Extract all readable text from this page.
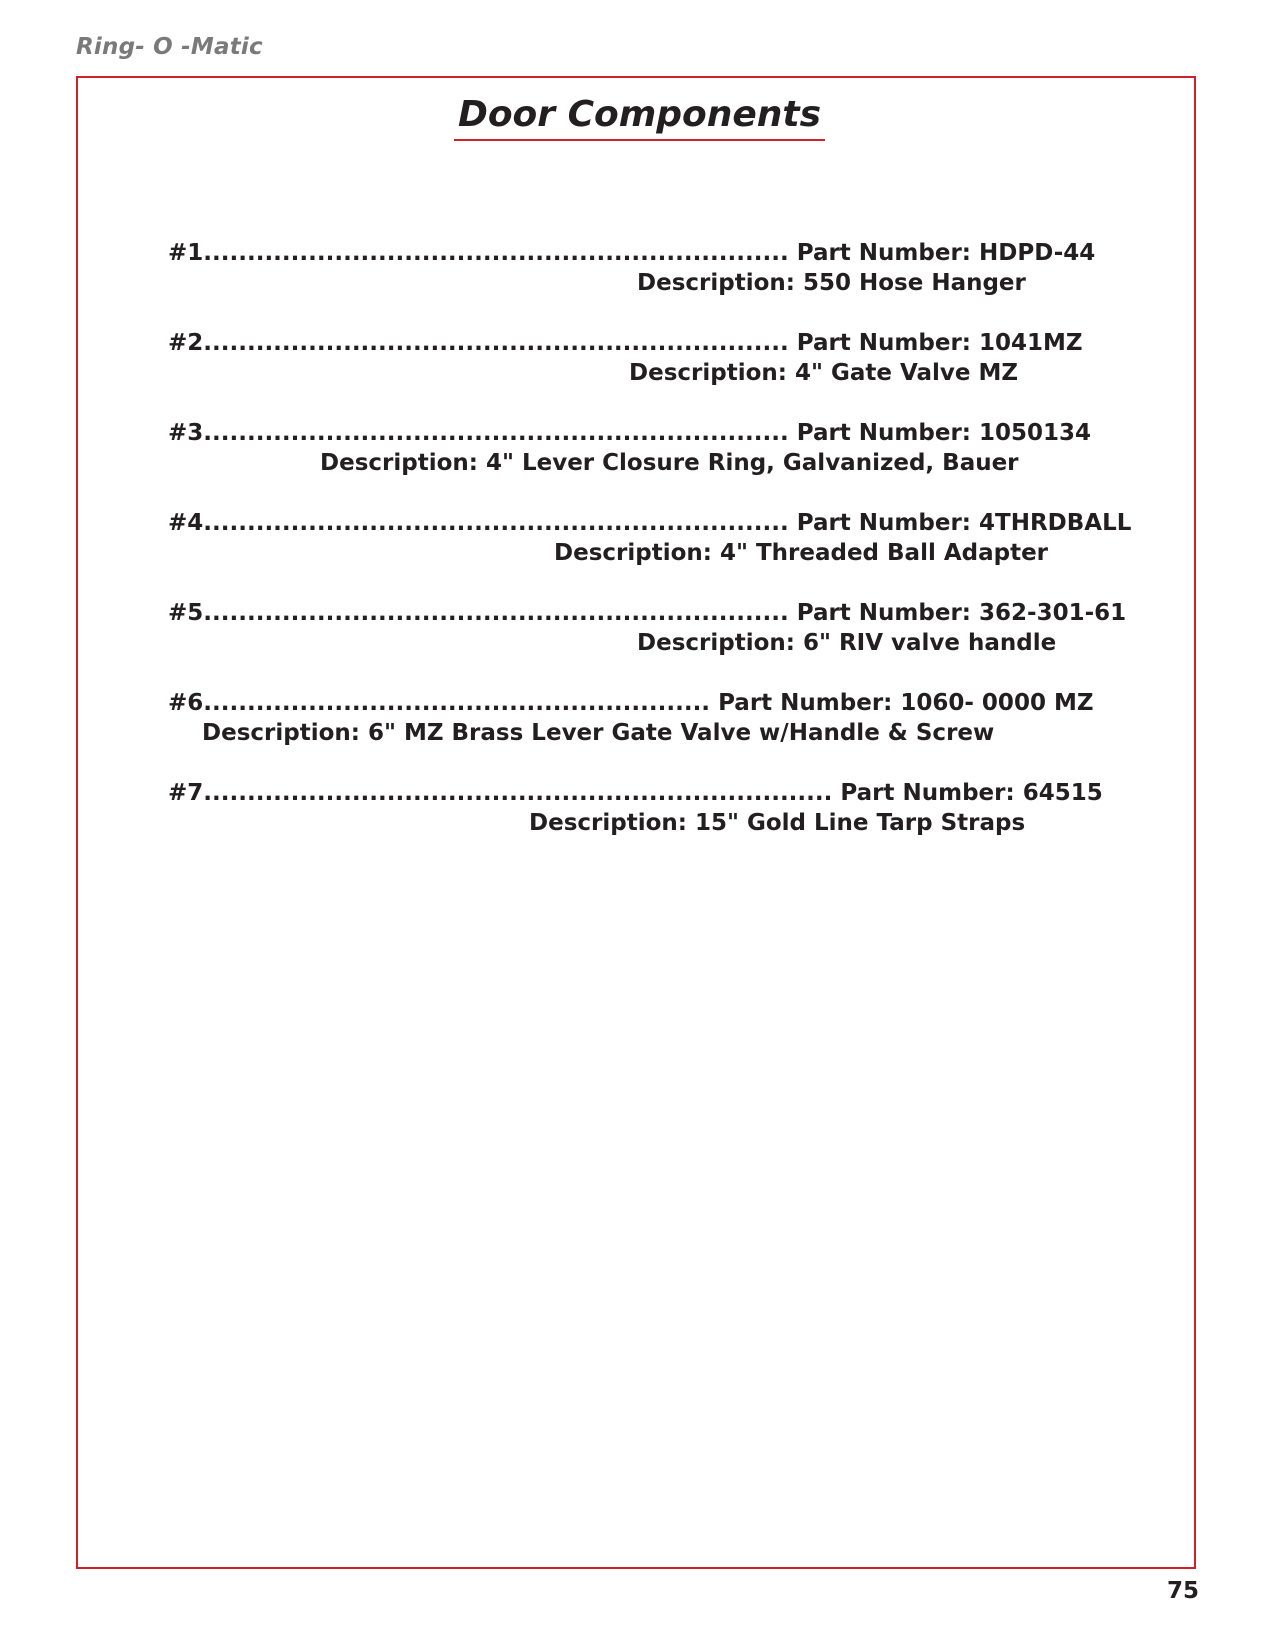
Ring- O -Matic
Door Components
#1................................................................... Part Number: HDPD-44
Description: 550 Hose Hanger
#2................................................................... Part Number: 1041MZ
Description: 4" Gate Valve MZ
#3................................................................... Part Number: 1050134
Description: 4" Lever Closure Ring, Galvanized, Bauer
#4................................................................... Part Number: 4THRDBALL
Description: 4" Threaded Ball Adapter
#5................................................................... Part Number: 362-301-61
Description: 6" RIV valve handle
#6.......................................................... Part Number: 1060- 0000 MZ
Description: 6" MZ Brass Lever Gate Valve w/Handle & Screw
#7........................................................................ Part Number: 64515
Description: 15" Gold Line Tarp Straps
75
